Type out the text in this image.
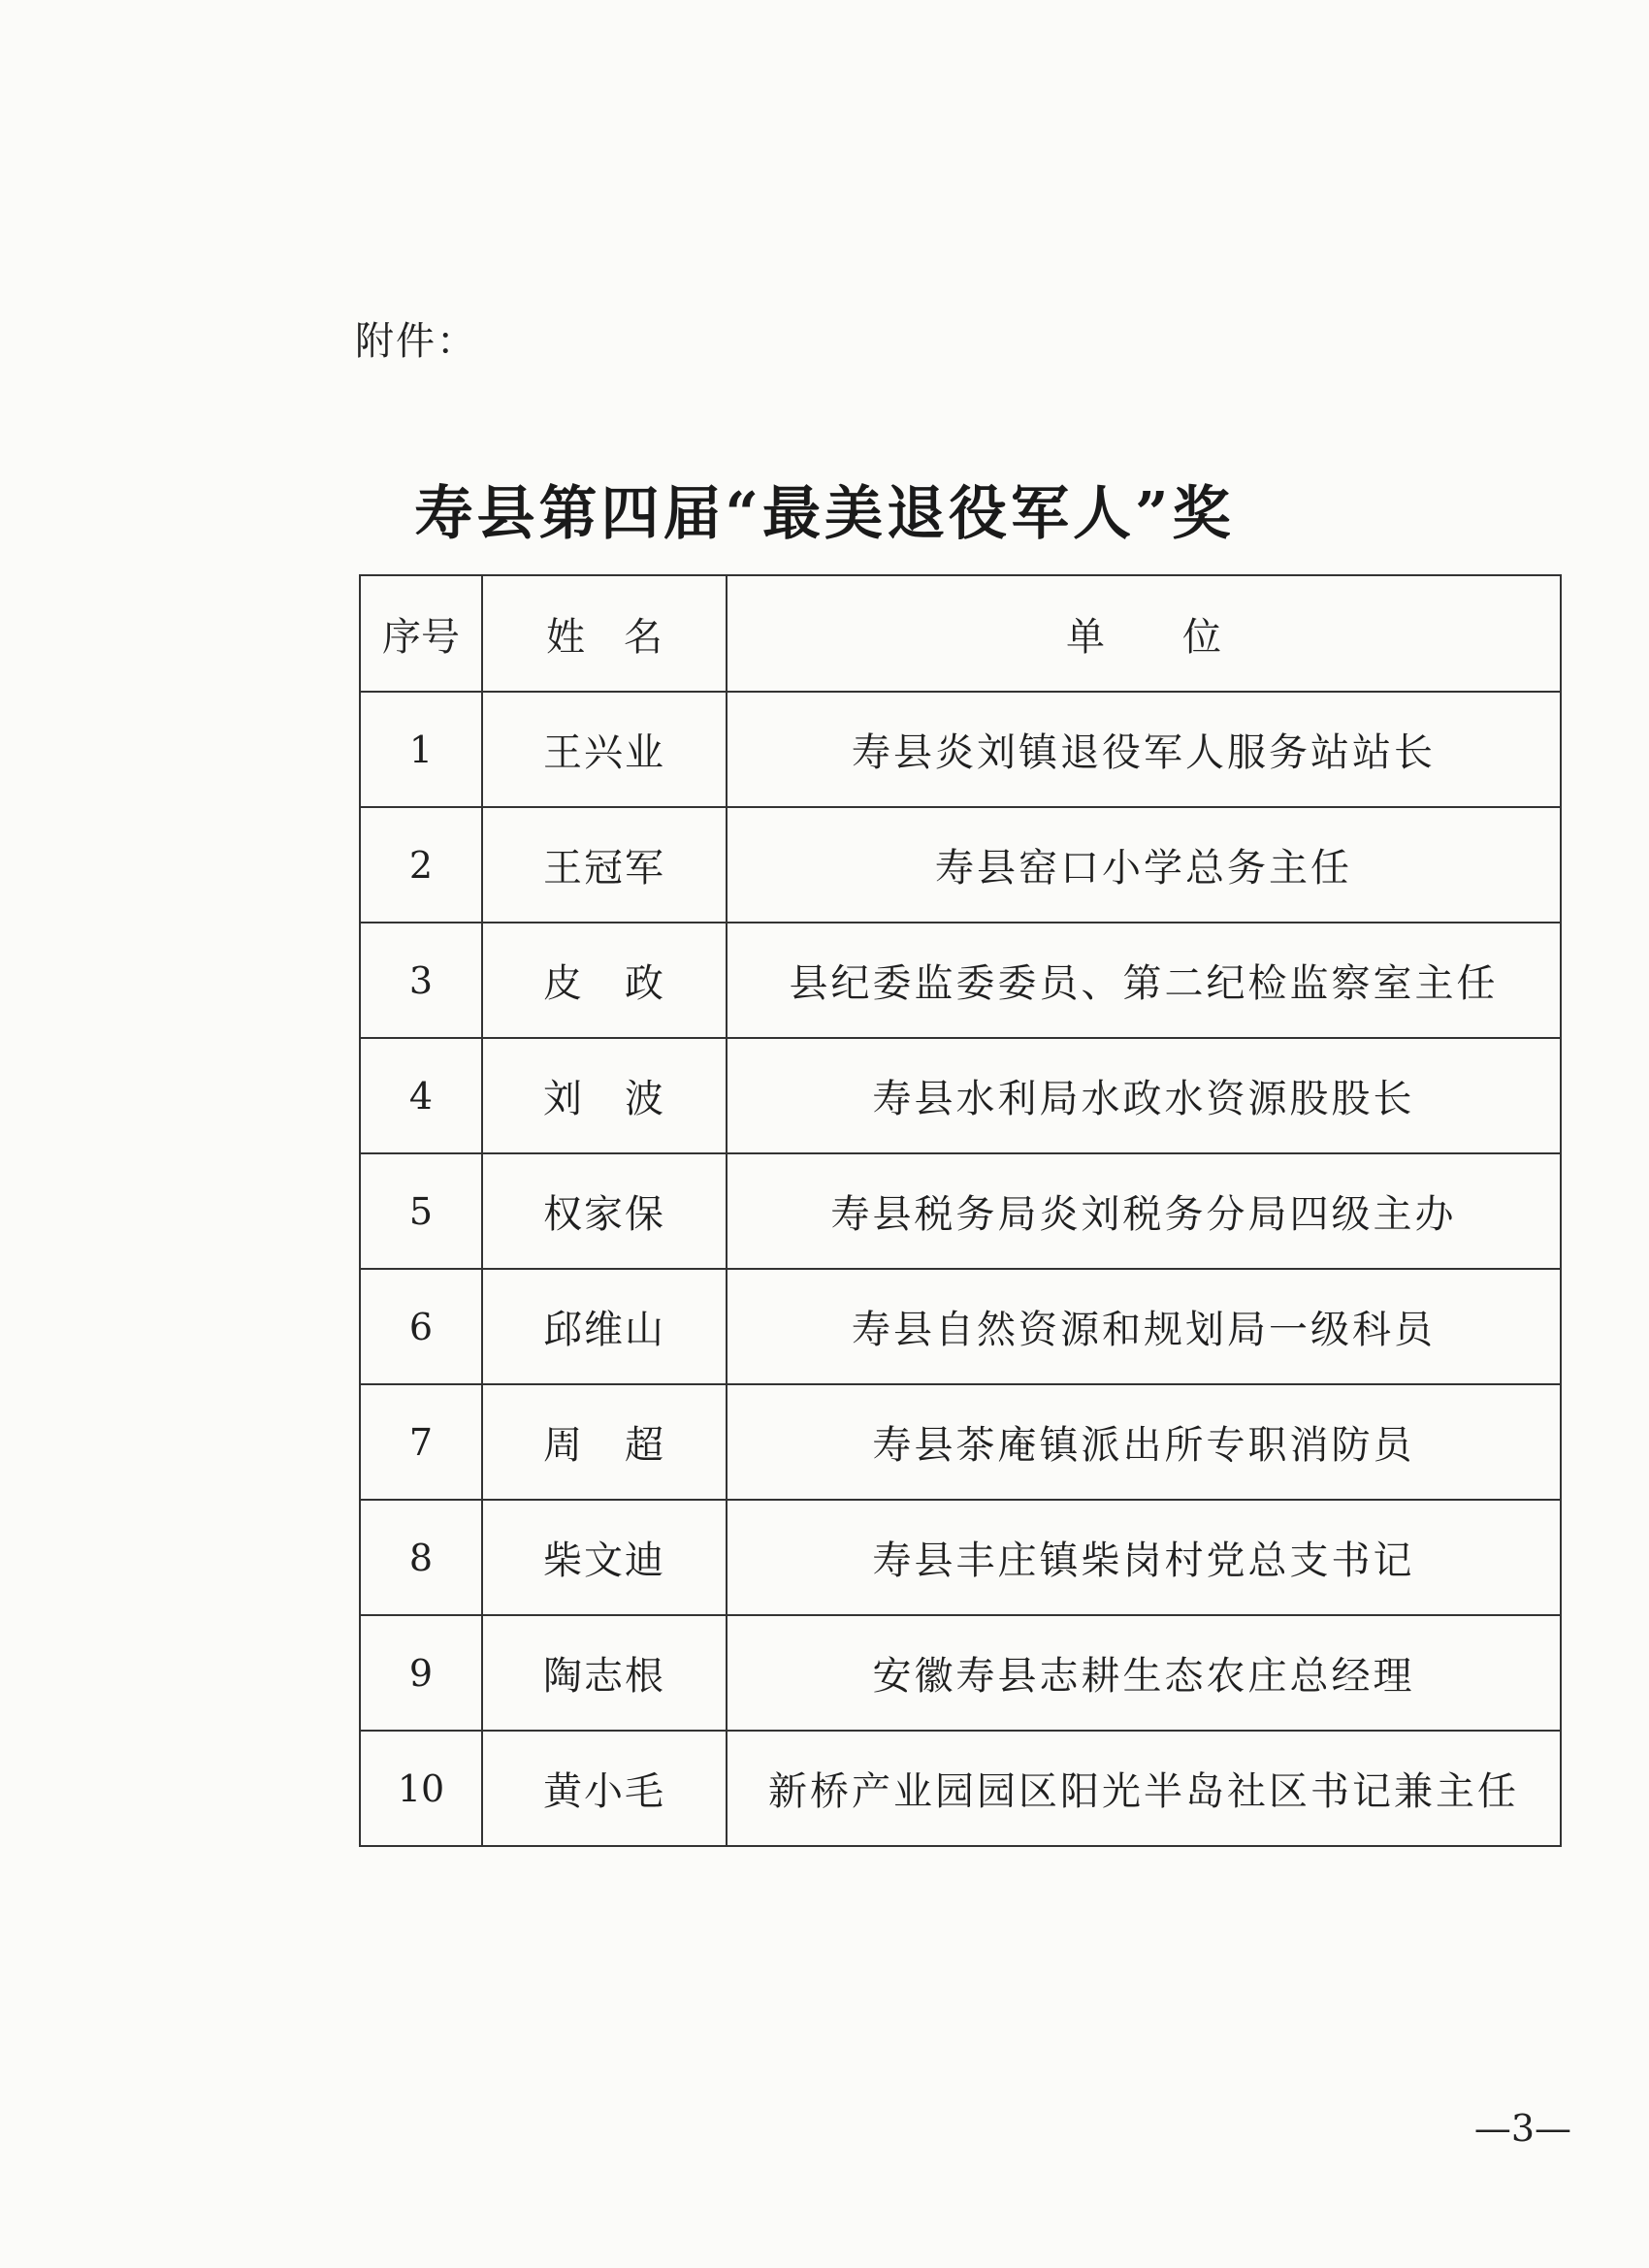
附件：
寿县第四届“最美退役军人”奖
序号	姓　名	单　　位
1	王兴业	寿县炎刘镇退役军人服务站站长
2	王冠军	寿县窑口小学总务主任
3	皮　政	县纪委监委委员、第二纪检监察室主任
4	刘　波	寿县水利局水政水资源股股长
5	权家保	寿县税务局炎刘税务分局四级主办
6	邱维山	寿县自然资源和规划局一级科员
7	周　超	寿县茶庵镇派出所专职消防员
8	柴文迪	寿县丰庄镇柴岗村党总支书记
9	陶志根	安徽寿县志耕生态农庄总经理
10	黄小毛	新桥产业园园区阳光半岛社区书记兼主任
—3—
